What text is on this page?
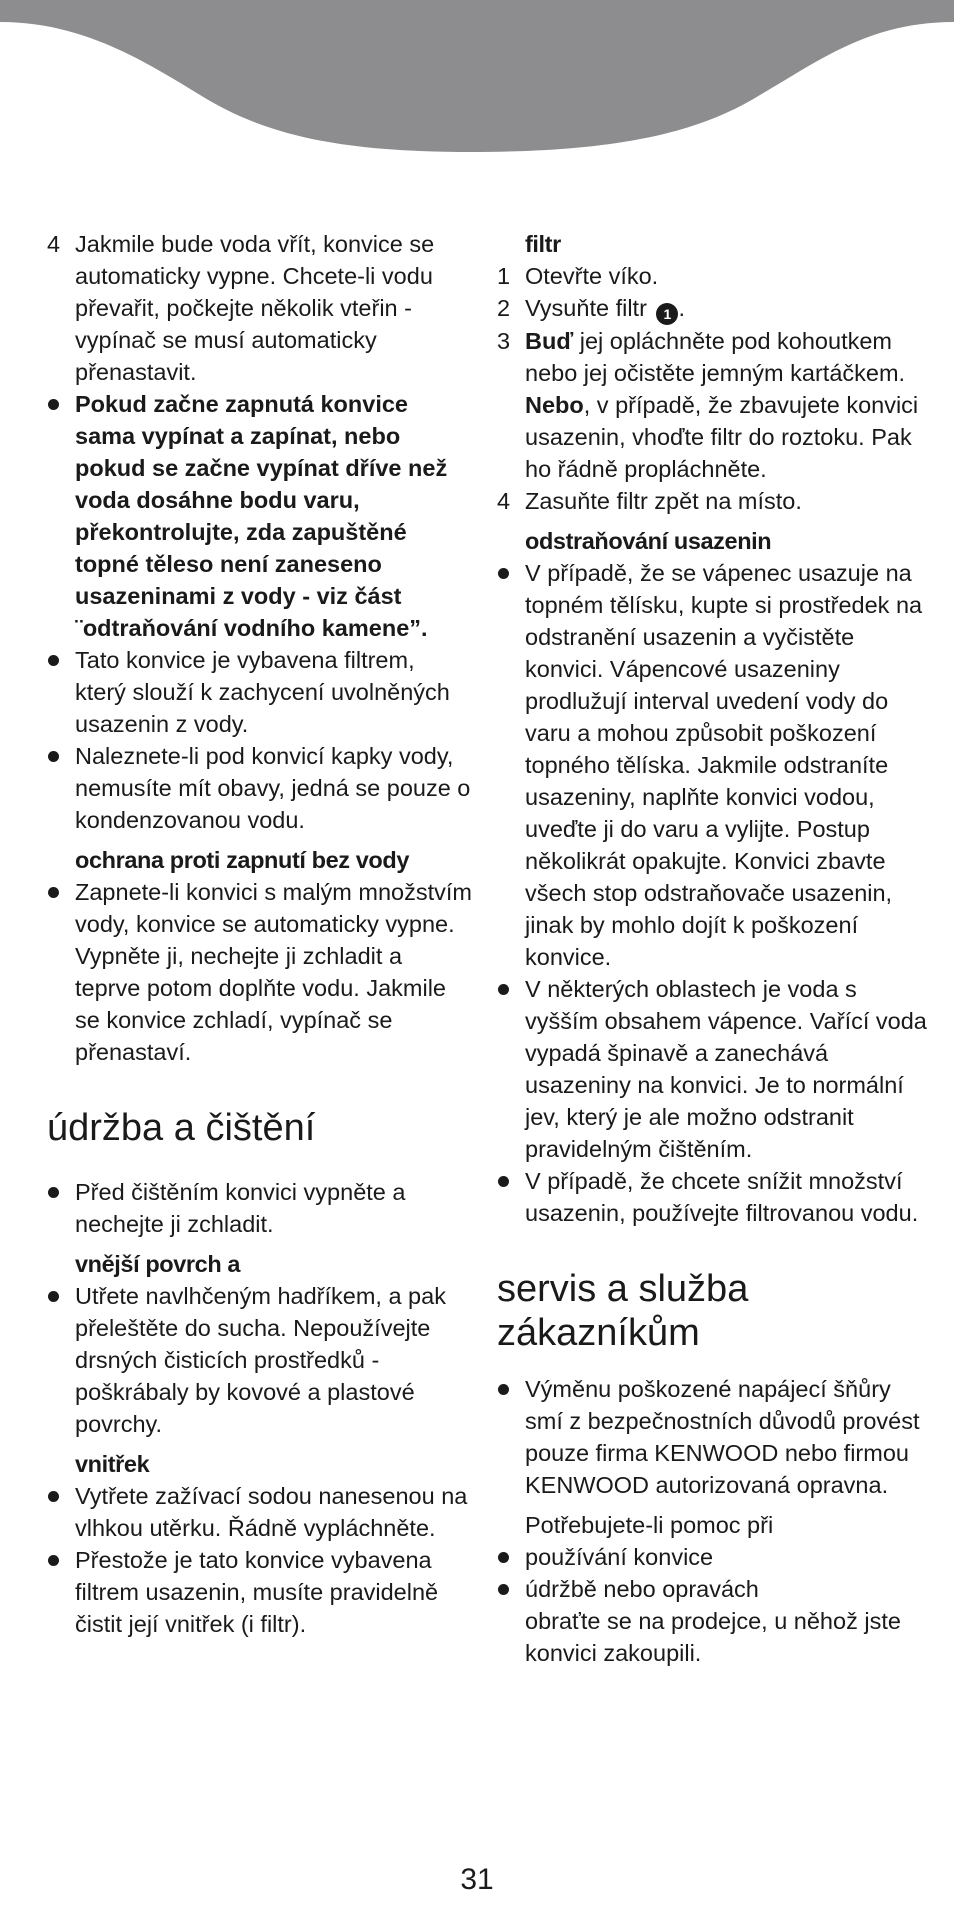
4 Jakmile bude voda vřít, konvice se automaticky vypne. Chcete-li vodu převařit, počkejte několik vteřin - vypínač se musí automaticky přenastavit.
Pokud začne zapnutá konvice sama vypínat a zapínat, nebo pokud se začne vypínat dříve než voda dosáhne bodu varu, překontrolujte, zda zapuštěné topné těleso není zaneseno usazeninami z vody - viz část ¨odtraňování vodního kamene”.
Tato konvice je vybavena filtrem, který slouží k zachycení uvolněných usazenin z vody.
Naleznete-li pod konvicí kapky vody, nemusíte mít obavy, jedná se pouze o kondenzovanou vodu.
ochrana proti zapnutí bez vody
Zapnete-li konvici s malým množstvím vody, konvice se automaticky vypne. Vypněte ji, nechejte ji zchladit a teprve potom doplňte vodu. Jakmile se konvice zchladí, vypínač se přenastaví.
údržba a čištění
Před čištěním konvici vypněte a nechejte ji zchladit.
vnější povrch a
Utřete navlhčeným hadříkem, a pak přeleštěte do sucha. Nepoužívejte drsných čisticích prostředků - poškrábaly by kovové a plastové povrchy.
vnitřek
Vytřete zažívací sodou nanesenou na vlhkou utěrku. Řádně vypláchněte.
Přestože je tato konvice vybavena filtrem usazenin, musíte pravidelně čistit její vnitřek (i filtr).
filtr
1 Otevřte víko.
2 Vysuňte filtr 1 .
3 Buď jej opláchněte pod kohoutkem nebo jej očistěte jemným kartáčkem. Nebo, v případě, že zbavujete konvici usazenin, vhoďte filtr do roztoku. Pak ho řádně propláchněte.
4 Zasuňte filtr zpět na místo.
odstraňování usazenin
V případě, že se vápenec usazuje na topném tělísku, kupte si prostředek na odstranění usazenin a vyčistěte konvici. Vápencové usazeniny prodlužují interval uvedení vody do varu a mohou způsobit poškození topného tělíska. Jakmile odstraníte usazeniny, naplňte konvici vodou, uveďte ji do varu a vylijte. Postup několikrát opakujte. Konvici zbavte všech stop odstraňovače usazenin, jinak by mohlo dojít k poškození konvice.
V některých oblastech je voda s vyšším obsahem vápence. Vařící voda vypadá špinavě a zanechává usazeniny na konvici. Je to normální jev, který je ale možno odstranit pravidelným čištěním.
V případě, že chcete snížit množství usazenin, používejte filtrovanou vodu.
servis a služba zákazníkům
Výměnu poškozené napájecí šňůry smí z bezpečnostních důvodů provést pouze firma KENWOOD nebo firmou KENWOOD autorizovaná opravna.
Potřebujete-li pomoc při
používání konvice
údržbě nebo opravách
obraťte se na prodejce, u něhož jste konvici zakoupili.
31
